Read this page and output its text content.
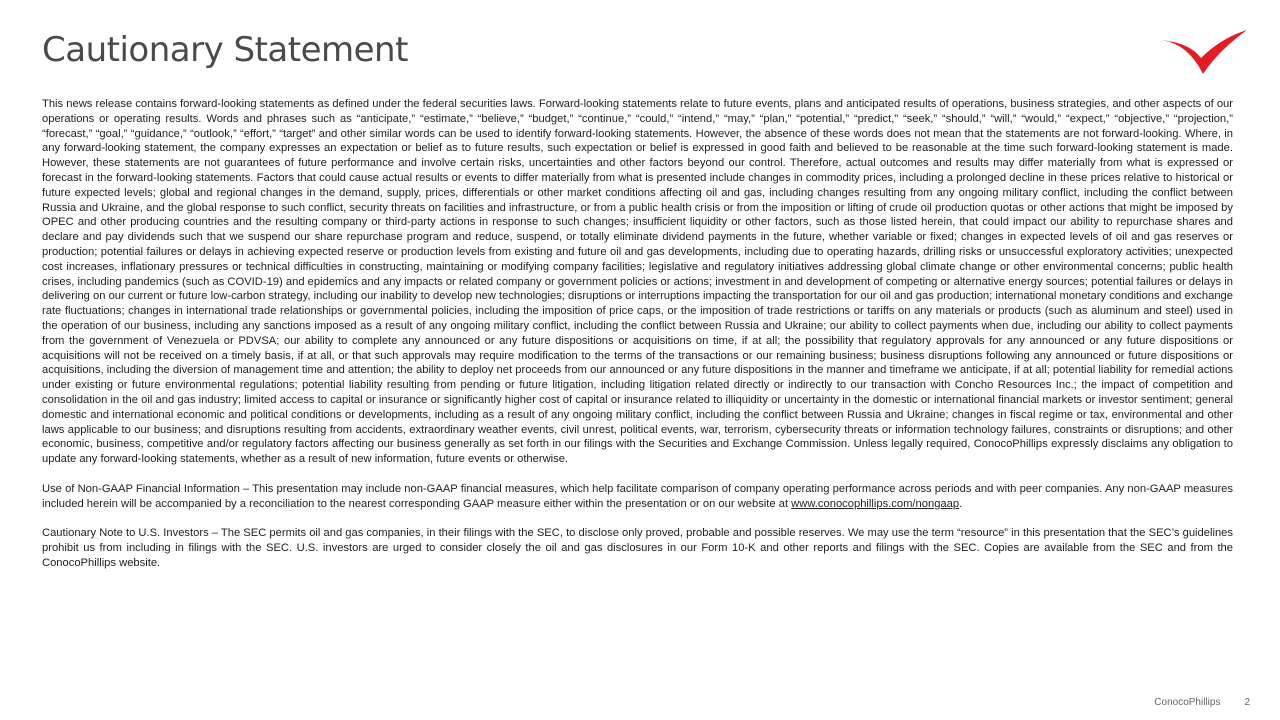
Cautionary Statement

This news release contains forward-looking statements as defined under the federal securities laws. Forward-looking statements relate to future events, plans and anticipated results of operations, business strategies, and other aspects of our operations or operating results. Words and phrases such as “anticipate,” “estimate,” “believe,” “budget,” “continue,” “could,” “intend,” “may,” “plan,” “potential,” “predict,” “seek,” “should,” “will,” “would,” “expect,” “objective,” “projection,” “forecast,” “goal,” “guidance,” “outlook,” “effort,” “target” and other similar words can be used to identify forward-looking statements. However, the absence of these words does not mean that the statements are not forward-looking. Where, in any forward-looking statement, the company expresses an expectation or belief as to future results, such expectation or belief is expressed in good faith and believed to be reasonable at the time such forward-looking statement is made. However, these statements are not guarantees of future performance and involve certain risks, uncertainties and other factors beyond our control. Therefore, actual outcomes and results may differ materially from what is expressed or forecast in the forward-looking statements. Factors that could cause actual results or events to differ materially from what is presented include changes in commodity prices, including a prolonged decline in these prices relative to historical or future expected levels; global and regional changes in the demand, supply, prices, differentials or other market conditions affecting oil and gas, including changes resulting from any ongoing military conflict, including the conflict between Russia and Ukraine, and the global response to such conflict, security threats on facilities and infrastructure, or from a public health crisis or from the imposition or lifting of crude oil production quotas or other actions that might be imposed by OPEC and other producing countries and the resulting company or third-party actions in response to such changes; insufficient liquidity or other factors, such as those listed herein, that could impact our ability to repurchase shares and declare and pay dividends such that we suspend our share repurchase program and reduce, suspend, or totally eliminate dividend payments in the future, whether variable or fixed; changes in expected levels of oil and gas reserves or production; potential failures or delays in achieving expected reserve or production levels from existing and future oil and gas developments, including due to operating hazards, drilling risks or unsuccessful exploratory activities; unexpected cost increases, inflationary pressures or technical difficulties in constructing, maintaining or modifying company facilities; legislative and regulatory initiatives addressing global climate change or other environmental concerns; public health crises, including pandemics (such as COVID-19) and epidemics and any impacts or related company or government policies or actions; investment in and development of competing or alternative energy sources; potential failures or delays in delivering on our current or future low-carbon strategy, including our inability to develop new technologies; disruptions or interruptions impacting the transportation for our oil and gas production; international monetary conditions and exchange rate fluctuations; changes in international trade relationships or governmental policies, including the imposition of price caps, or the imposition of trade restrictions or tariffs on any materials or products (such as aluminum and steel) used in the operation of our business, including any sanctions imposed as a result of any ongoing military conflict, including the conflict between Russia and Ukraine; our ability to collect payments when due, including our ability to collect payments from the government of Venezuela or PDVSA; our ability to complete any announced or any future dispositions or acquisitions on time, if at all; the possibility that regulatory approvals for any announced or any future dispositions or acquisitions will not be received on a timely basis, if at all, or that such approvals may require modification to the terms of the transactions or our remaining business; business disruptions following any announced or future dispositions or acquisitions, including the diversion of management time and attention; the ability to deploy net proceeds from our announced or any future dispositions in the manner and timeframe we anticipate, if at all; potential liability for remedial actions under existing or future environmental regulations; potential liability resulting from pending or future litigation, including litigation related directly or indirectly to our transaction with Concho Resources Inc.; the impact of competition and consolidation in the oil and gas industry; limited access to capital or insurance or significantly higher cost of capital or insurance related to illiquidity or uncertainty in the domestic or international financial markets or investor sentiment; general domestic and international economic and political conditions or developments, including as a result of any ongoing military conflict, including the conflict between Russia and Ukraine; changes in fiscal regime or tax, environmental and other laws applicable to our business; and disruptions resulting from accidents, extraordinary weather events, civil unrest, political events, war, terrorism, cybersecurity threats or information technology failures, constraints or disruptions; and other economic, business, competitive and/or regulatory factors affecting our business generally as set forth in our filings with the Securities and Exchange Commission. Unless legally required, ConocoPhillips expressly disclaims any obligation to update any forward-looking statements, whether as a result of new information, future events or otherwise.

Use of Non-GAAP Financial Information – This presentation may include non-GAAP financial measures, which help facilitate comparison of company operating performance across periods and with peer companies. Any non-GAAP measures included herein will be accompanied by a reconciliation to the nearest corresponding GAAP measure either within the presentation or on our website at www.conocophillips.com/nongaap.

Cautionary Note to U.S. Investors – The SEC permits oil and gas companies, in their filings with the SEC, to disclose only proved, probable and possible reserves. We may use the term “resource” in this presentation that the SEC’s guidelines prohibit us from including in filings with the SEC. U.S. investors are urged to consider closely the oil and gas disclosures in our Form 10-K and other reports and filings with the SEC. Copies are available from the SEC and from the ConocoPhillips website.

ConocoPhillips 2
